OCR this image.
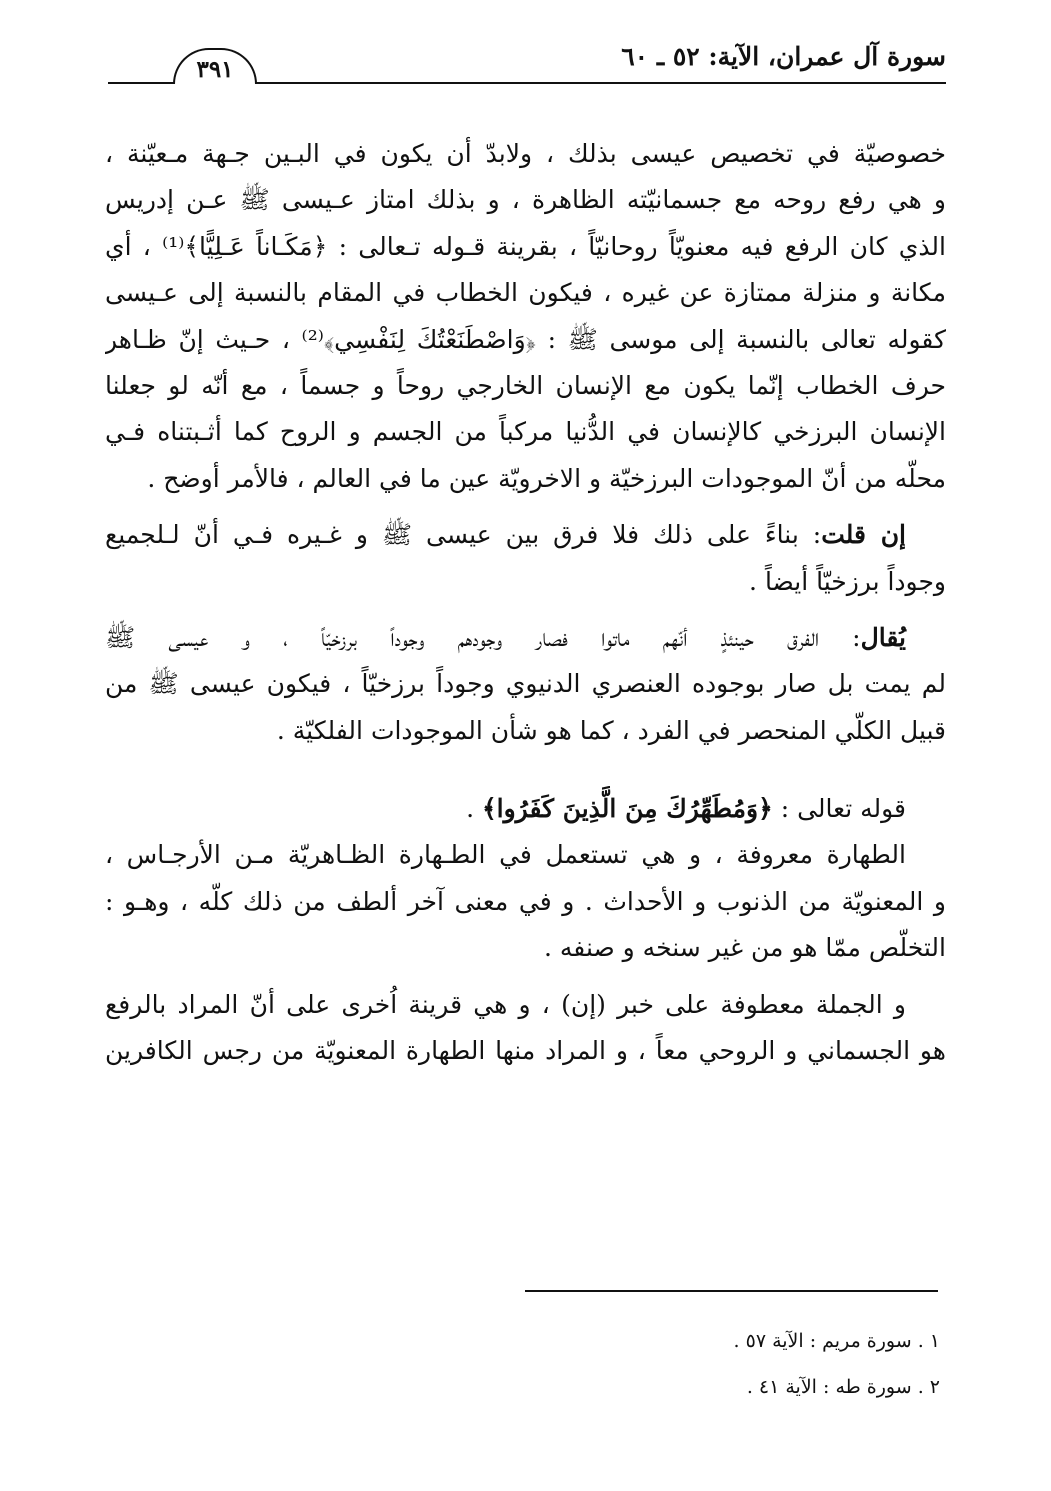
سورة آل عمران، الآية: ٥٢ ـ ٦٠
٣٩١
خصوصيّة في تخصيص عيسى بذلك ، ولابدّ أن يكون في البـين جـهة مـعيّنة ،
و هي رفع روحه مع جسمانيّته الظاهرة ، و بذلك امتاز عـيسى ﷺ عـن إدريس
الذي كان الرفع فيه معنويّاً روحانيّاً ، بقرينة قـوله تـعالى : ﴿مَكَـاناً عَـلِيًّا﴾⁽¹⁾ ، أي
مكانة و منزلة ممتازة عن غيره ، فيكون الخطاب في المقام بالنسبة إلى عـيسى
كقوله تعالى بالنسبة إلى موسى ﷺ : ﴿وَاصْطَنَعْتُكَ لِنَفْسِي﴾⁽²⁾ ، حـيث إنّ ظـاهر
حرف الخطاب إنّما يكون مع الإنسان الخارجي روحاً و جسماً ، مع أنّه لو جعلنا
الإنسان البرزخي كالإنسان في الدُّنيا مركباً من الجسم و الروح كما أثـبتناه فـي
محلّه من أنّ الموجودات البرزخيّة و الاخرويّة عين ما في العالم ، فالأمر أوضح .
إن قلت: بناءً على ذلك فلا فرق بين عيسى ﷺ و غـيره فـي أنّ لـلجميع
وجوداً برزخيّاً أيضاً .
يُقال: الفرق حينئذٍ أنّهم ماتوا فصار وجودهم وجوداً برزخيّاً ، و عيسى ﷺ
لم يمت بل صار بوجوده العنصري الدنيوي وجوداً برزخيّاً ، فيكون عيسى ﷺ من
قبيل الكلّي المنحصر في الفرد ، كما هو شأن الموجودات الفلكيّة .
قوله تعالى : ﴿وَمُطَهِّرُكَ مِنَ الَّذِينَ كَفَرُوا﴾ .
الطهارة معروفة ، و هي تستعمل في الطـهارة الظـاهريّة مـن الأرجـاس ،
و المعنويّة من الذنوب و الأحداث . و في معنى آخر ألطف من ذلك كلّه ، وهـو :
التخلّص ممّا هو من غير سنخه و صنفه .
و الجملة معطوفة على خبر (إن) ، و هي قرينة اُخرى على أنّ المراد بالرفع
هو الجسماني و الروحي معاً ، و المراد منها الطهارة المعنويّة من رجس الكافرين
١ . سورة مريم : الآية ٥٧ .
٢ . سورة طه : الآية ٤١ .
